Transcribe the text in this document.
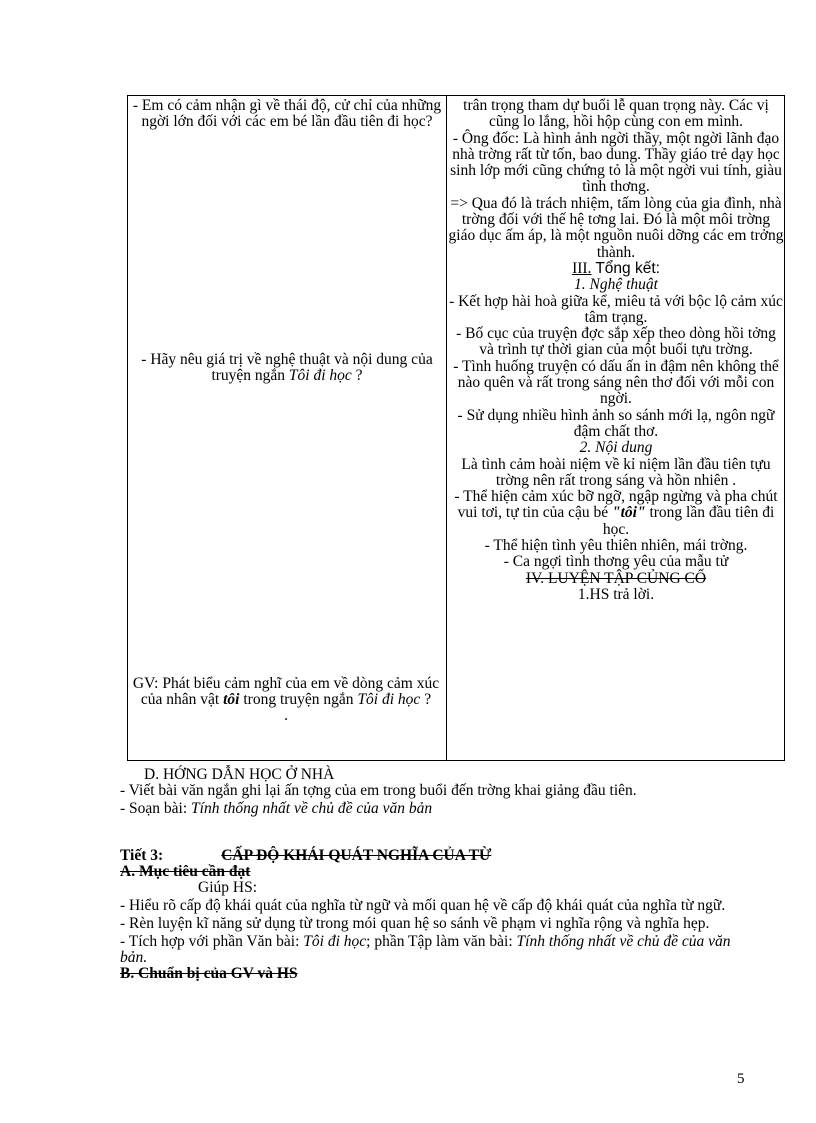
- Em có cảm nhận gì về thái độ, cử chỉ của những ngời lớn đối với các em bé lần đầu tiên đi học?
- Hãy nêu giá trị về nghệ thuật và nội dung của truyện ngắn Tôi đi học ?
GV: Phát biểu cảm nghĩ của em về dòng cảm xúc của nhân vật tôi trong truyện ngắn Tôi đi học ?
.

trân trọng tham dự buổi lễ quan trọng này. Các vị cũng lo lắng, hồi hộp cùng con em mình.

- Ông đốc: Là hình ảnh ngời thầy, một ngời lãnh đạo nhà trờng rất từ tốn, bao dung. Thầy giáo trẻ dạy học sinh lớp mới cũng chứng tỏ là một ngời vui tính, giàu tình thơng.

=> Qua đó là trách nhiệm, tấm lòng của gia đình, nhà trờng đối với thế hệ tơng lai. Đó là một môi trờng giáo dục ấm áp, là một nguồn nuôi dỡng các em trởng thành.

III. Tổng kết:

1. Nghệ thuật

- Kết hợp hài hoà giữa kể, miêu tả với bộc lộ cảm xúc tâm trạng.

- Bố cục của truyện đợc sắp xếp theo dòng hồi tởng và trình tự thời gian của một buổi tựu trờng.

- Tình huống truyện có dấu ấn in đậm nên không thể nào quên và rất trong sáng nên thơ đối với mỗi con ngời.

- Sử dụng nhiều hình ảnh so sánh mới lạ, ngôn ngữ đậm chất thơ.

2. Nội dung

Là tình cảm hoài niệm về kỉ niệm lần đầu tiên tựu trờng nên rất trong sáng và hồn nhiên .

- Thể hiện cảm xúc bỡ ngỡ, ngập ngừng và pha chút vui tơi, tự tin của cậu bé "tôi" trong lần đầu tiên đi học.

- Thể hiện tình yêu thiên nhiên, mái trờng.

- Ca ngợi tình thơng yêu của mẫu tử

IV. LUYỆN TẬP CỦNG CỐ

1.HS trả lời.

D. HỚNG DẪN HỌC Ở NHÀ

- Viết bài văn ngắn ghi lại ấn tợng của em trong buổi đến trờng khai giảng đầu tiên.

- Soạn bài: Tính thống nhất về chủ đề của văn bản

Tiết 3:	CẤP ĐỘ KHÁI QUÁT NGHĨA CỦA TỪ

A. Mục tiêu cần đạt

Giúp HS:

- Hiểu rõ cấp độ khái quát của nghĩa từ ngữ và mối quan hệ về cấp độ khái quát của nghĩa từ ngữ.

- Rèn luyện kĩ năng sử dụng từ trong mói quan hệ so sánh về phạm vi nghĩa rộng và nghĩa hẹp.

- Tích hợp với phần Văn bài: Tôi đi học; phần Tập làm văn bài: Tính thống nhất về chủ đề của văn bản.

B. Chuẩn bị của GV và HS

5
